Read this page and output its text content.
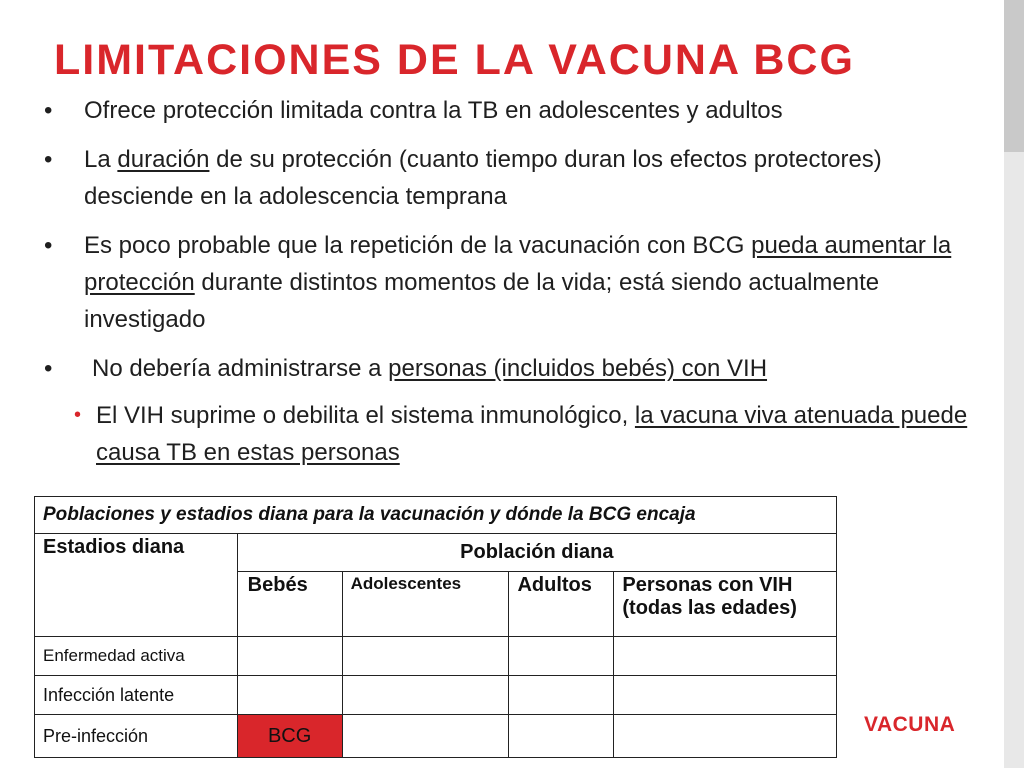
LIMITACIONES DE LA VACUNA BCG
• Ofrece protección limitada contra la TB en adolescentes y adultos
• La duración de su protección (cuanto tiempo duran los efectos protectores) desciende en la adolescencia temprana
• Es poco probable que la repetición de la vacunación con BCG pueda aumentar la protección durante distintos momentos de la vida; está siendo actualmente investigado
• No debería administrarse a personas (incluidos bebés) con VIH
• El VIH suprime o debilita el sistema inmunológico, la vacuna viva atenuada puede causa TB en estas personas
Poblaciones y estadios diana para la vacunación y dónde la BCG encaja				
Estadios diana	Población diana			
	Bebés	Adolescentes	Adultos	Personas con VIH (todas las edades)
Enfermedad activa				
Infección latente				
Pre-infección	BCG				VACUNA
